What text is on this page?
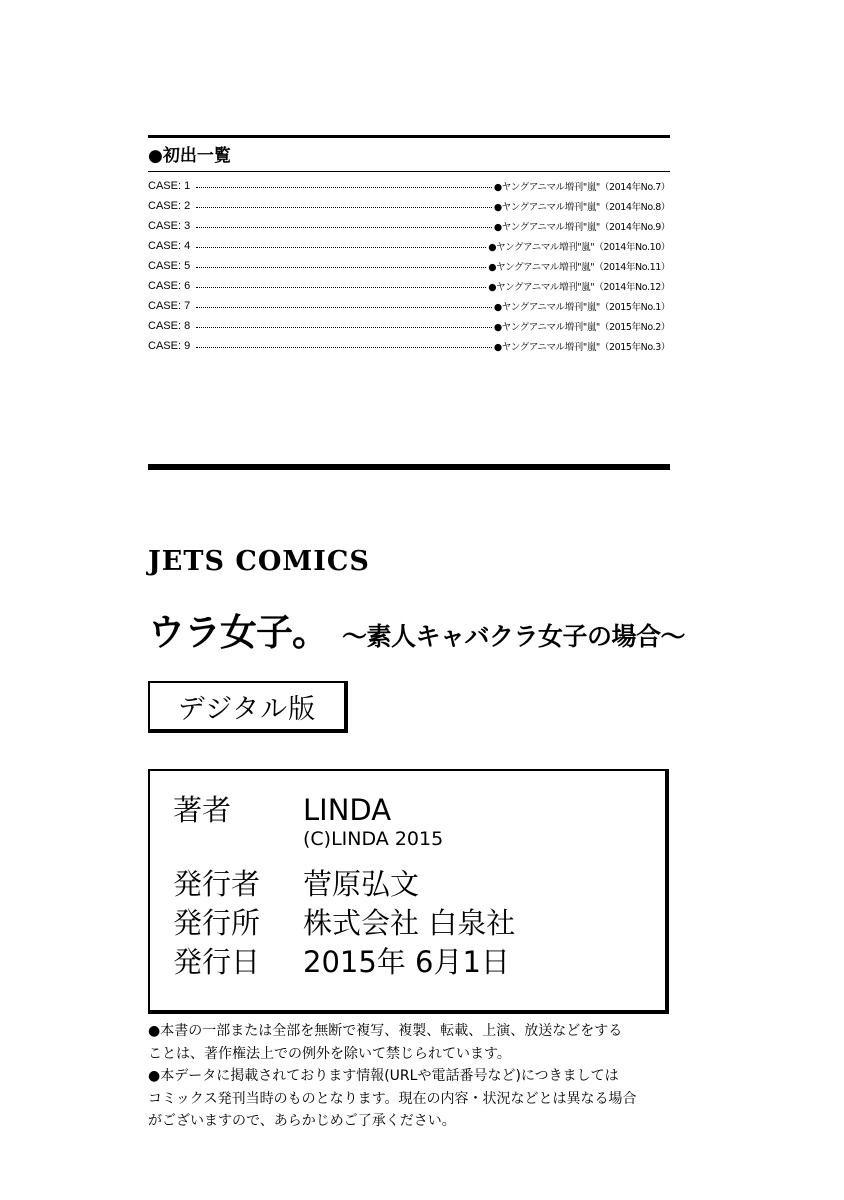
●初出一覧
CASE: 1	●ヤングアニマル増刊"嵐"（2014年No.7）
CASE: 2	●ヤングアニマル増刊"嵐"（2014年No.8）
CASE: 3	●ヤングアニマル増刊"嵐"（2014年No.9）
CASE: 4	●ヤングアニマル増刊"嵐"（2014年No.10）
CASE: 5	●ヤングアニマル増刊"嵐"（2014年No.11）
CASE: 6	●ヤングアニマル増刊"嵐"（2014年No.12）
CASE: 7	●ヤングアニマル増刊"嵐"（2015年No.1）
CASE: 8	●ヤングアニマル増刊"嵐"（2015年No.2）
CASE: 9	●ヤングアニマル増刊"嵐"（2015年No.3）
JETS COMICS
ウラ女子。 〜素人キャバクラ女子の場合〜
デジタル版
著者 LINDA
(C)LINDA 2015
発行者 菅原弘文
発行所 株式会社 白泉社
発行日 2015年 6月1日

●本書の一部または全部を無断で複写、複製、転載、上演、放送などをする

ことは、著作権法上での例外を除いて禁じられています。

●本データに掲載されております情報(URLや電話番号など)につきましては

コミックス発刊当時のものとなります。現在の内容・状況などとは異なる場合

がございますので、あらかじめご了承ください。
